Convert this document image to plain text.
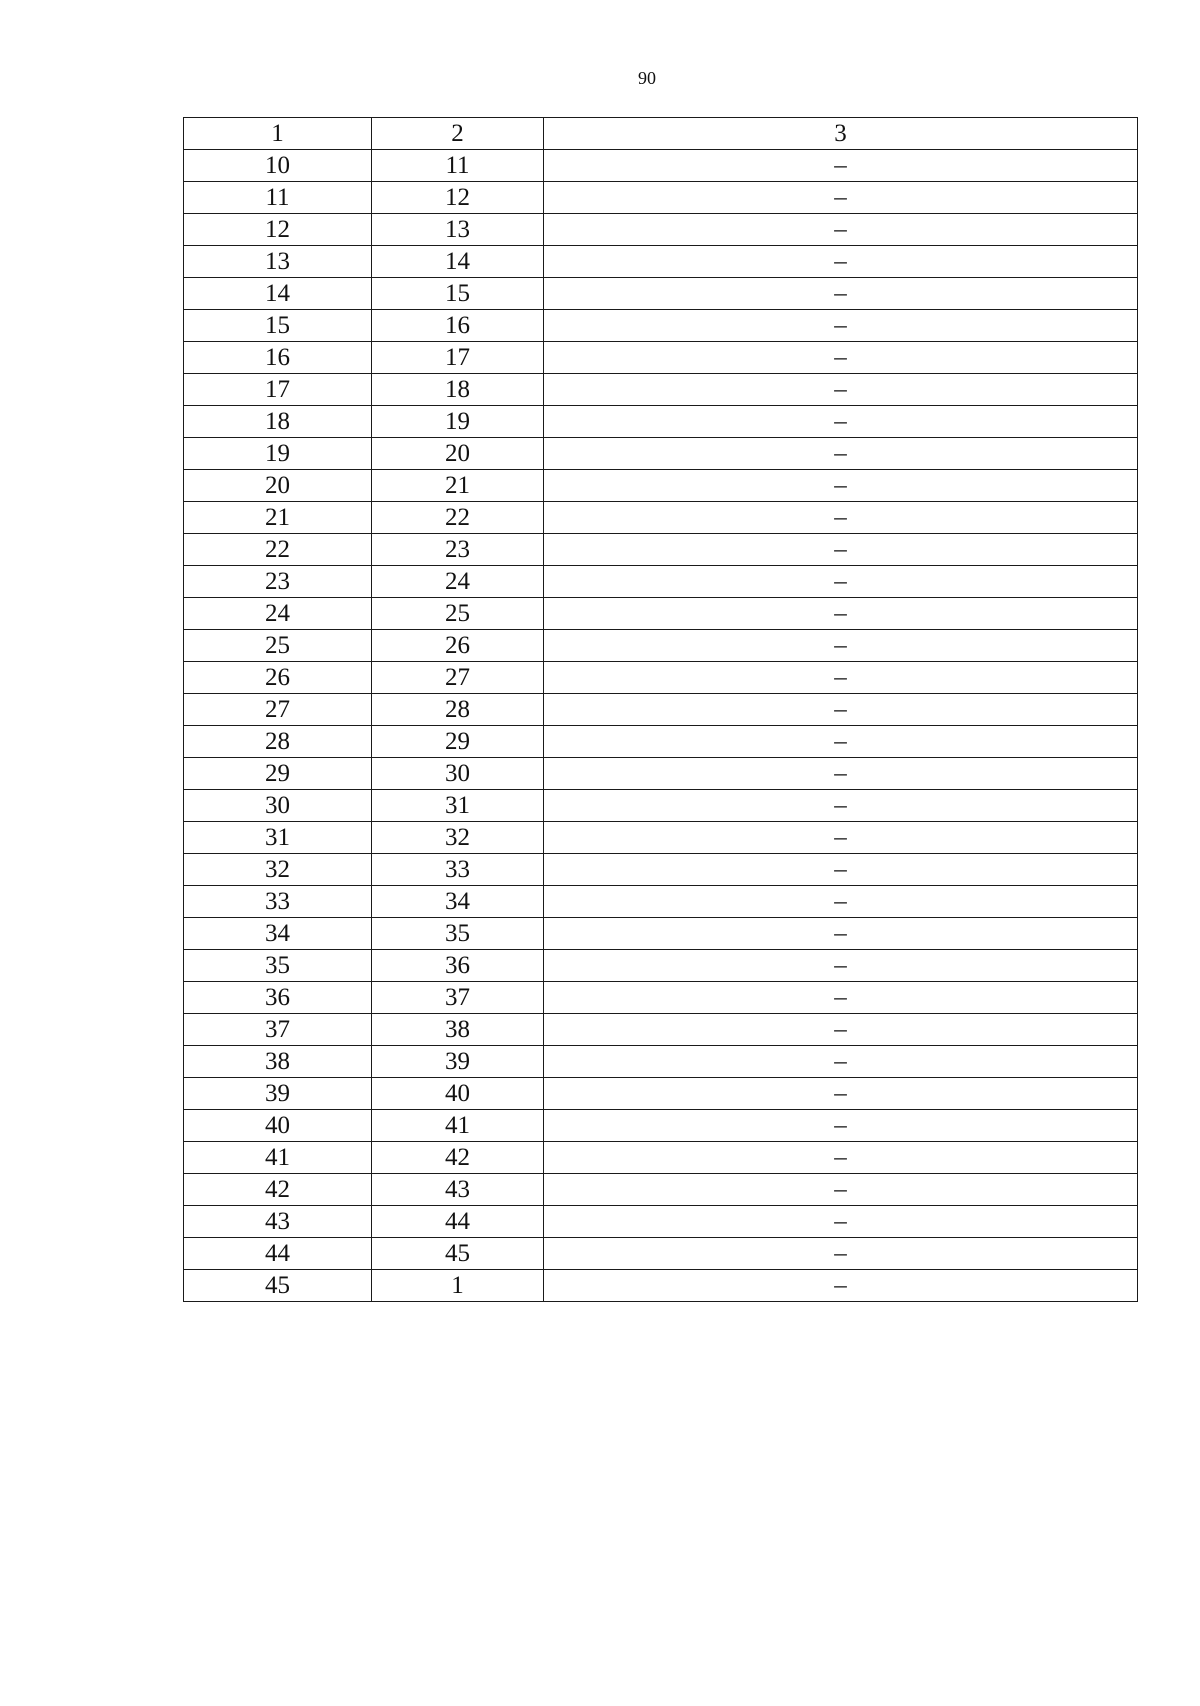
90
1	2	3
10	11	–
11	12	–
12	13	–
13	14	–
14	15	–
15	16	–
16	17	–
17	18	–
18	19	–
19	20	–
20	21	–
21	22	–
22	23	–
23	24	–
24	25	–
25	26	–
26	27	–
27	28	–
28	29	–
29	30	–
30	31	–
31	32	–
32	33	–
33	34	–
34	35	–
35	36	–
36	37	–
37	38	–
38	39	–
39	40	–
40	41	–
41	42	–
42	43	–
43	44	–
44	45	–
45	1	–
